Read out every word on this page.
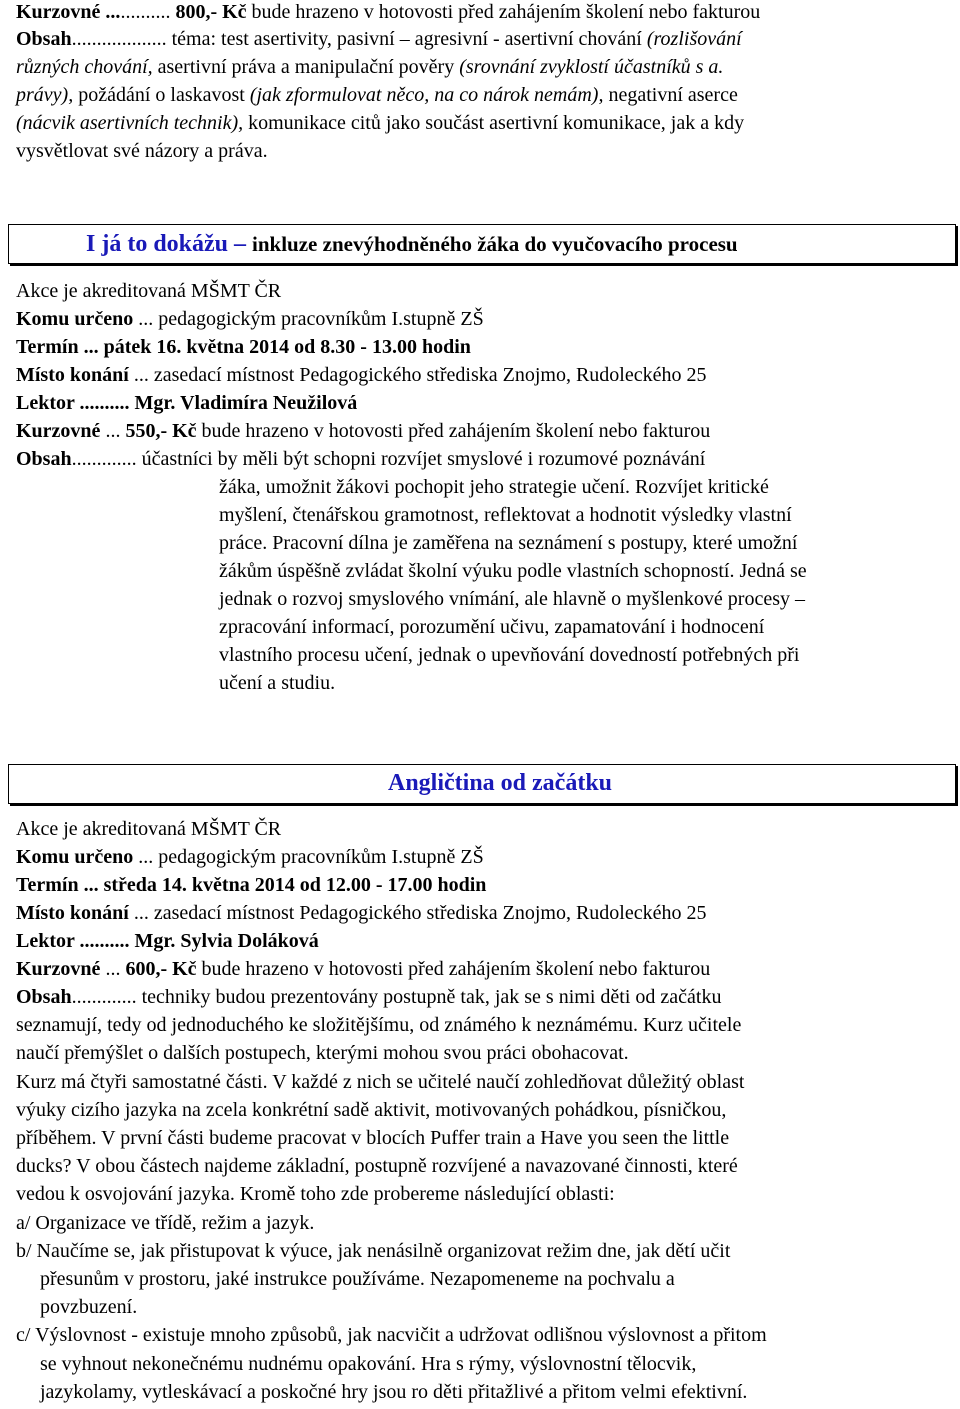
Kurzovné ............. 800,- Kč bude hrazeno v hotovosti před zahájením školení nebo fakturou
Obsah................... téma: test asertivity, pasivní – agresivní - asertivní chování (rozlišování
různých chování, asertivní práva a manipulační pověry (srovnání zvyklostí účastníků s a.
právy), požádání o laskavost (jak zformulovat něco, na co nárok nemám), negativní aserce
(nácvik asertivních technik), komunikace citů jako součást asertivní komunikace, jak a kdy
vysvětlovat své názory a práva.
I já to dokážu – inkluze znevýhodněného žáka do vyučovacího procesu
Akce je akreditovaná MŠMT ČR
Komu určeno ... pedagogickým pracovníkům I.stupně ZŠ
Termín ... pátek 16. května 2014 od 8.30 - 13.00 hodin
Místo konání ... zasedací místnost Pedagogického střediska Znojmo, Rudoleckého 25
Lektor .......... Mgr. Vladimíra Neužilová
Kurzovné ... 550,- Kč bude hrazeno v hotovosti před zahájením školení nebo fakturou
Obsah............. účastníci by měli být schopni rozvíjet smyslové i rozumové poznávání
žáka, umožnit žákovi pochopit jeho strategie učení. Rozvíjet kritické
myšlení, čtenářskou gramotnost, reflektovat a hodnotit výsledky vlastní
práce. Pracovní dílna je zaměřena na seznámení s postupy, které umožní
žákům úspěšně zvládat školní výuku podle vlastních schopností. Jedná se
jednak o rozvoj smyslového vnímání, ale hlavně o myšlenkové procesy –
zpracování informací, porozumění učivu, zapamatování i hodnocení
vlastního procesu učení, jednak o upevňování dovedností potřebných při
učení a studiu.
Angličtina od začátku
Akce je akreditovaná MŠMT ČR
Komu určeno ... pedagogickým pracovníkům I.stupně ZŠ
Termín ... středa 14. května 2014 od 12.00 - 17.00 hodin
Místo konání ... zasedací místnost Pedagogického střediska Znojmo, Rudoleckého 25
Lektor .......... Mgr. Sylvia Doláková
Kurzovné ... 600,- Kč bude hrazeno v hotovosti před zahájením školení nebo fakturou
Obsah............. techniky budou prezentovány postupně tak, jak se s nimi děti od začátku
seznamují, tedy od jednoduchého ke složitějšímu, od známého k neznámému. Kurz učitele
naučí přemýšlet o dalších postupech, kterými mohou svou práci obohacovat.
Kurz má čtyři samostatné části. V každé z nich se učitelé naučí zohledňovat důležitý oblast
výuky cizího jazyka na zcela konkrétní sadě aktivit, motivovaných pohádkou, písničkou,
příběhem. V první části budeme pracovat v blocích Puffer train a Have you seen the little
ducks? V obou částech najdeme základní, postupně rozvíjené a navazované činnosti, které
vedou k osvojování jazyka. Kromě toho zde probereme následující oblasti:
a/ Organizace ve třídě, režim a jazyk.
b/ Naučíme se, jak přistupovat k výuce, jak nenásilně organizovat režim dne, jak dětí učit
přesunům v prostoru, jaké instrukce používáme. Nezapomeneme na pochvalu a
povzbuzení.
c/ Výslovnost - existuje mnoho způsobů, jak nacvičit a udržovat odlišnou výslovnost a přitom
se vyhnout nekonečnému nudnému opakování. Hra s rýmy, výslovnostní tělocvik,
jazykolamy, vytleskávací a poskočné hry jsou ro děti přitažlivé a přitom velmi efektivní.
